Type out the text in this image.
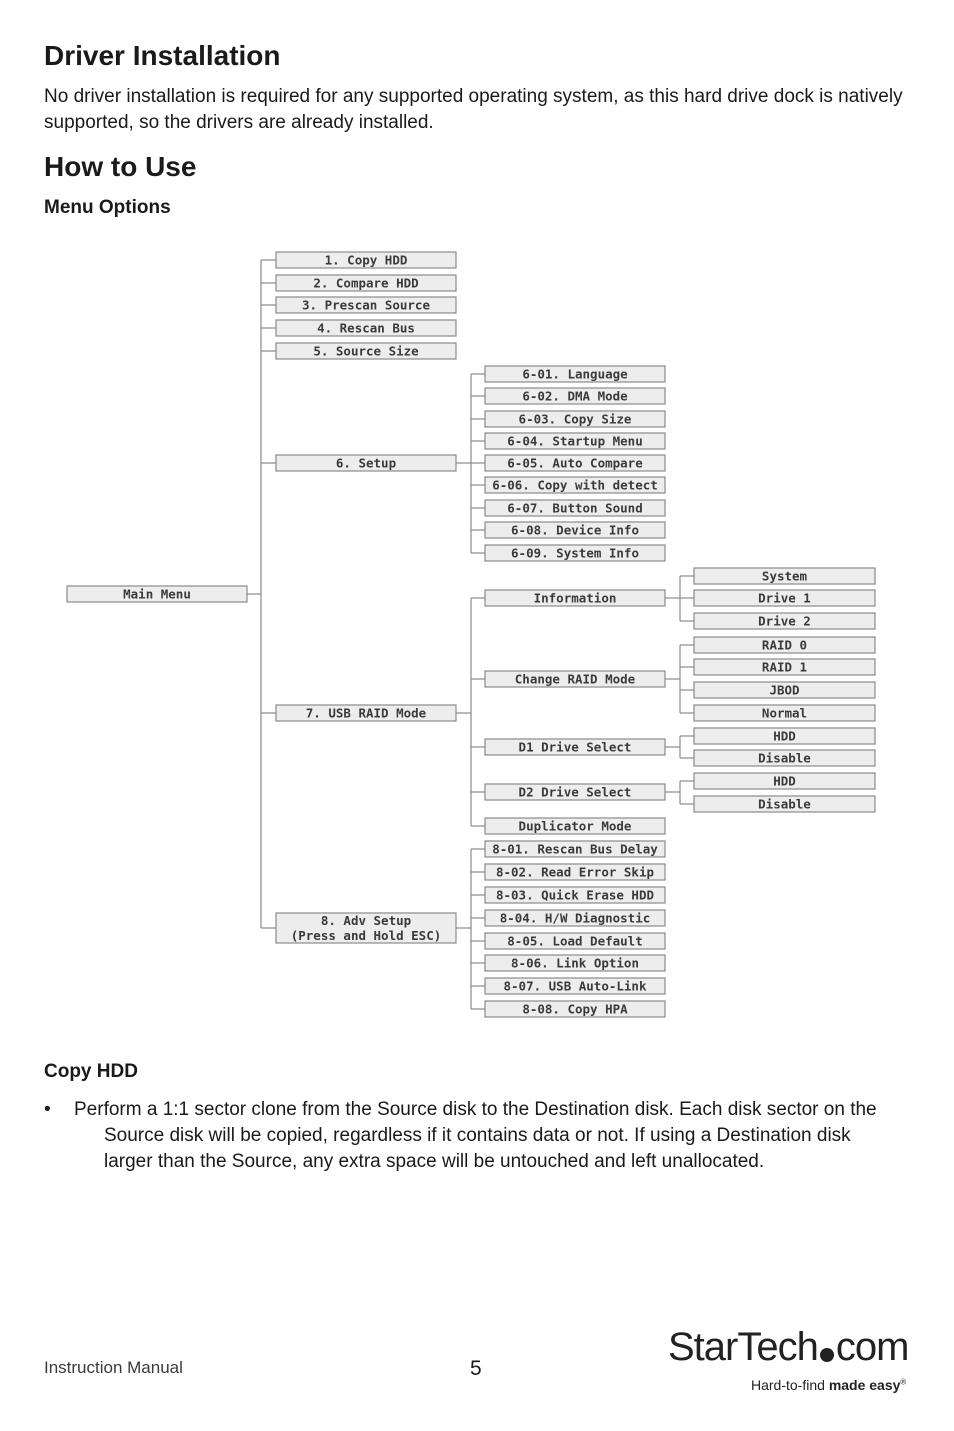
Driver Installation

No driver installation is required for any supported operating system, as this hard drive dock is natively supported, so the drivers are already installed.

How to Use
Menu Options
Main Menu
1. Copy HDD
2. Compare HDD
3. Prescan Source
4. Rescan Bus
5. Source Size
6. Setup
7. USB RAID Mode
8. Adv Setup
(Press and Hold ESC)
6-01. Language
6-02. DMA Mode
6-03. Copy Size
6-04. Startup Menu
6-05. Auto Compare
6-06. Copy with detect
6-07. Button Sound
6-08. Device Info
6-09. System Info
8-01. Rescan Bus Delay
8-02. Read Error Skip
8-03. Quick Erase HDD
8-04. H/W Diagnostic
8-05. Load Default
8-06. Link Option
8-07. USB Auto-Link
8-08. Copy HPA
Information
Change RAID Mode
D1 Drive Select
D2 Drive Select
Duplicator Mode
System
Drive 1
Drive 2
RAID 0
RAID 1
JBOD
Normal
HDD
Disable
HDD
Disable
Copy HDD
• Perform a 1:1 sector clone from the Source disk to the Destination disk. Each disk sector on the Source disk will be copied, regardless if it contains data or not. If using a Destination disk larger than the Source, any extra space will be untouched and left unallocated.
Instruction Manual	5	StarTech com
Hard-to-find made easy®
